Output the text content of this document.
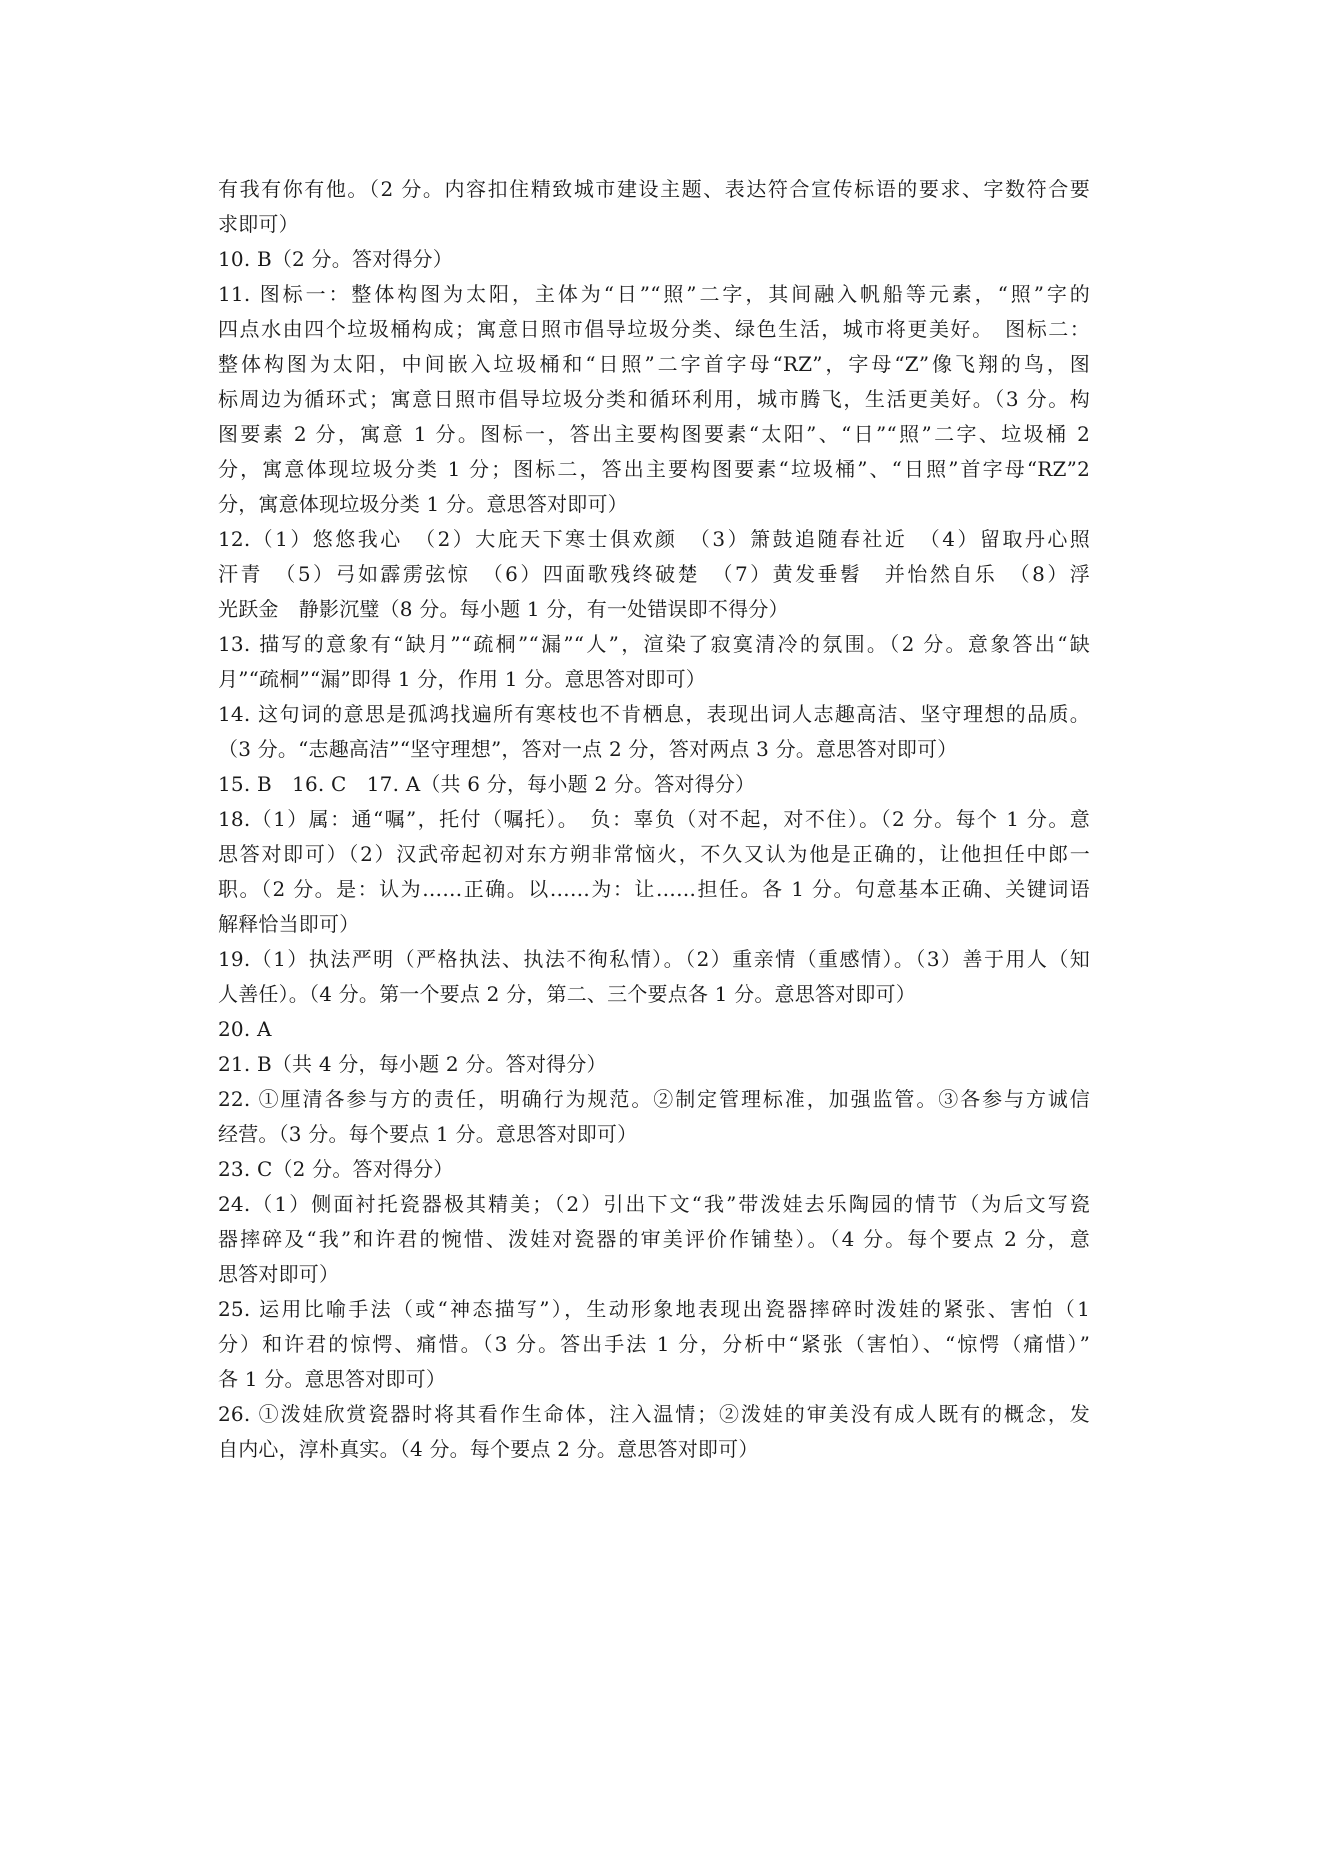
有我有你有他。（2 分。内容扣住精致城市建设主题、表达符合宣传标语的要求、字数符合要
求即可）
10. B（2 分。答对得分）
11. 图标一：整体构图为太阳，主体为“日”“照”二字，其间融入帆船等元素，“照”字的
四点水由四个垃圾桶构成；寓意日照市倡导垃圾分类、绿色生活，城市将更美好。　图标二：
整体构图为太阳，中间嵌入垃圾桶和“日照”二字首字母“RZ”，字母“Z”像飞翔的鸟，图
标周边为循环式；寓意日照市倡导垃圾分类和循环利用，城市腾飞，生活更美好。（3 分。构
图要素 2 分，寓意 1 分。图标一，答出主要构图要素“太阳”、“日”“照”二字、垃圾桶 2
分，寓意体现垃圾分类 1 分；图标二，答出主要构图要素“垃圾桶”、“日照”首字母“RZ”2
分，寓意体现垃圾分类 1 分。意思答对即可）
12.（1）悠悠我心　（2）大庇天下寒士俱欢颜　（3）箫鼓追随春社近　（4）留取丹心照
汗青　（5）弓如霹雳弦惊　（6）四面歌残终破楚　（7）黄发垂髫　并怡然自乐　（8）浮
光跃金　静影沉璧（8 分。每小题 1 分，有一处错误即不得分）
13. 描写的意象有“缺月”“疏桐”“漏”“人”，渲染了寂寞清冷的氛围。（2 分。意象答出“缺
月”“疏桐”“漏”即得 1 分，作用 1 分。意思答对即可）
14. 这句词的意思是孤鸿找遍所有寒枝也不肯栖息，表现出词人志趣高洁、坚守理想的品质。
（3 分。“志趣高洁”“坚守理想”，答对一点 2 分，答对两点 3 分。意思答对即可）
15. B　16. C　17. A（共 6 分，每小题 2 分。答对得分）
18.（1）属：通“嘱”，托付（嘱托）。　负：辜负（对不起，对不住）。（2 分。每个 1 分。意
思答对即可）（2）汉武帝起初对东方朔非常恼火，不久又认为他是正确的，让他担任中郎一
职。（2 分。是：认为……正确。以……为：让……担任。各 1 分。句意基本正确、关键词语
解释恰当即可）
19.（1）执法严明（严格执法、执法不徇私情）。（2）重亲情（重感情）。（3）善于用人（知
人善任）。（4 分。第一个要点 2 分，第二、三个要点各 1 分。意思答对即可）
20. A
21. B（共 4 分，每小题 2 分。答对得分）
22. ①厘清各参与方的责任，明确行为规范。②制定管理标准，加强监管。③各参与方诚信
经营。（3 分。每个要点 1 分。意思答对即可）
23. C（2 分。答对得分）
24.（1）侧面衬托瓷器极其精美；（2）引出下文“我”带泼娃去乐陶园的情节（为后文写瓷
器摔碎及“我”和许君的惋惜、泼娃对瓷器的审美评价作铺垫）。（4 分。每个要点 2 分，意
思答对即可）
25. 运用比喻手法（或“神态描写”），生动形象地表现出瓷器摔碎时泼娃的紧张、害怕（1
分）和许君的惊愕、痛惜。（3 分。答出手法 1 分，分析中“紧张（害怕）、“惊愕（痛惜）”
各 1 分。意思答对即可）
26. ①泼娃欣赏瓷器时将其看作生命体，注入温情；②泼娃的审美没有成人既有的概念，发
自内心，淳朴真实。（4 分。每个要点 2 分。意思答对即可）
